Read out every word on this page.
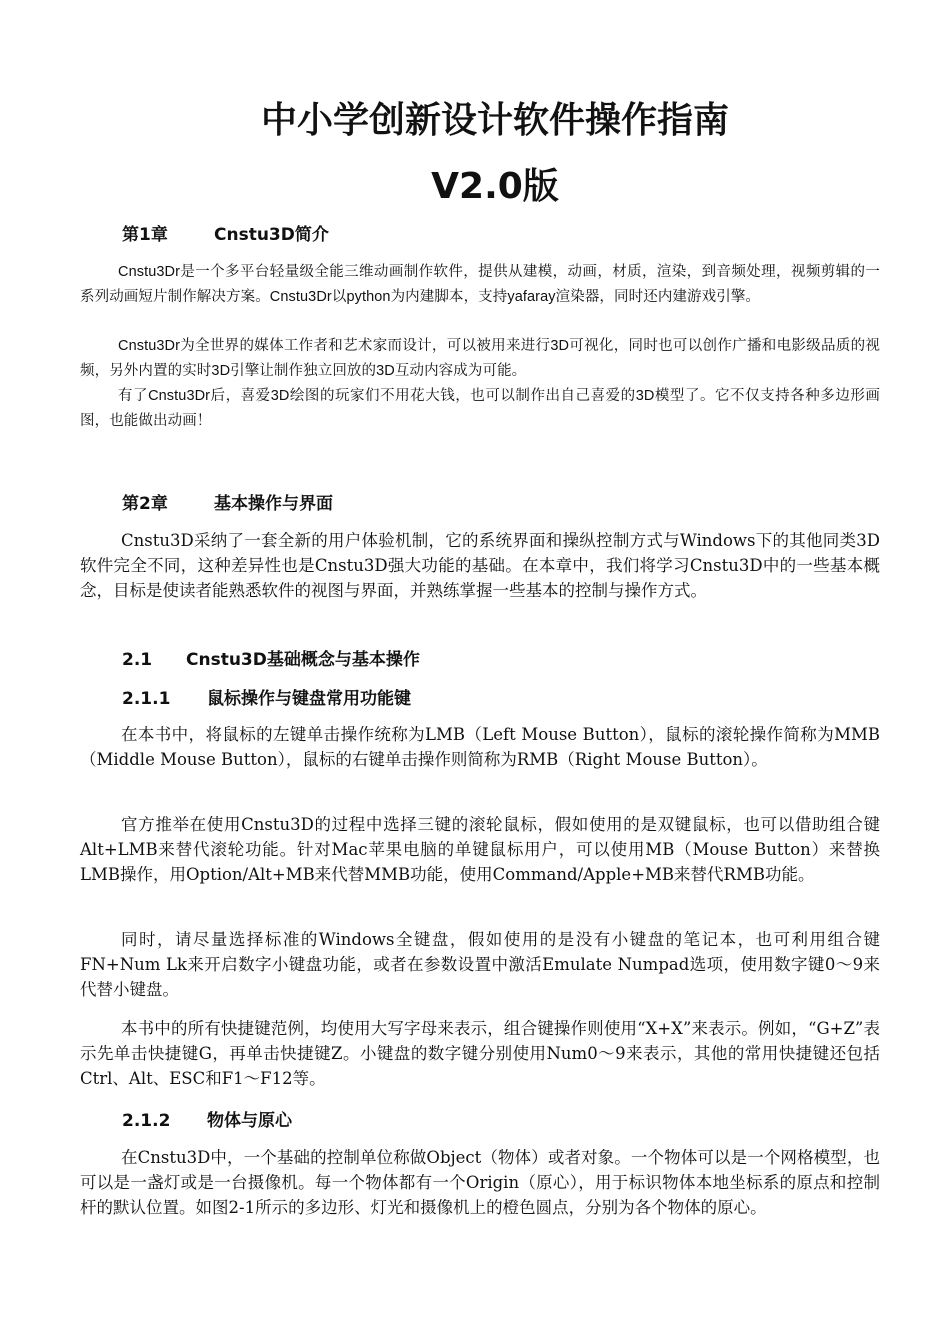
中小学创新设计软件操作指南
V2.0版
第1章	Cnstu3D简介

Cnstu3Dr是一个多平台轻量级全能三维动画制作软件，提供从建模，动画，材质，渲染，到音频处理，视频剪辑的一系列动画短片制作解决方案。Cnstu3Dr以python为内建脚本，支持yafaray渲染器，同时还内建游戏引擎。

Cnstu3Dr为全世界的媒体工作者和艺术家而设计，可以被用来进行3D可视化，同时也可以创作广播和电影级品质的视频，另外内置的实时3D引擎让制作独立回放的3D互动内容成为可能。

有了Cnstu3Dr后，喜爱3D绘图的玩家们不用花大钱，也可以制作出自己喜爱的3D模型了。它不仅支持各种多边形画图，也能做出动画！

第2章	基本操作与界面

Cnstu3D采纳了一套全新的用户体验机制，它的系统界面和操纵控制方式与Windows下的其他同类3D软件完全不同，这种差异性也是Cnstu3D强大功能的基础。在本章中，我们将学习Cnstu3D中的一些基本概念，目标是使读者能熟悉软件的视图与界面，并熟练掌握一些基本的控制与操作方式。

2.1 Cnstu3D基础概念与基本操作
2.1.1 鼠标操作与键盘常用功能键

在本书中，将鼠标的左键单击操作统称为LMB（Left Mouse Button），鼠标的滚轮操作简称为MMB（Middle Mouse Button），鼠标的右键单击操作则简称为RMB（Right Mouse Button）。

官方推举在使用Cnstu3D的过程中选择三键的滚轮鼠标，假如使用的是双键鼠标，也可以借助组合键Alt+LMB来替代滚轮功能。针对Mac苹果电脑的单键鼠标用户，可以使用MB（Mouse Button）来替换LMB操作，用Option/Alt+MB来代替MMB功能，使用Command/Apple+MB来替代RMB功能。

同时，请尽量选择标准的Windows全键盘，假如使用的是没有小键盘的笔记本，也可利用组合键FN+Num Lk来开启数字小键盘功能，或者在参数设置中激活Emulate Numpad选项，使用数字键0～9来代替小键盘。

本书中的所有快捷键范例，均使用大写字母来表示，组合键操作则使用“X+X”来表示。例如，“G+Z”表示先单击快捷键G，再单击快捷键Z。小键盘的数字键分别使用Num0～9来表示，其他的常用快捷键还包括Ctrl、Alt、ESC和F1～F12等。

2.1.2 物体与原心

在Cnstu3D中，一个基础的控制单位称做Object（物体）或者对象。一个物体可以是一个网格模型，也可以是一盏灯或是一台摄像机。每一个物体都有一个Origin（原心），用于标识物体本地坐标系的原点和控制杆的默认位置。如图2-1所示的多边形、灯光和摄像机上的橙色圆点，分别为各个物体的原心。
